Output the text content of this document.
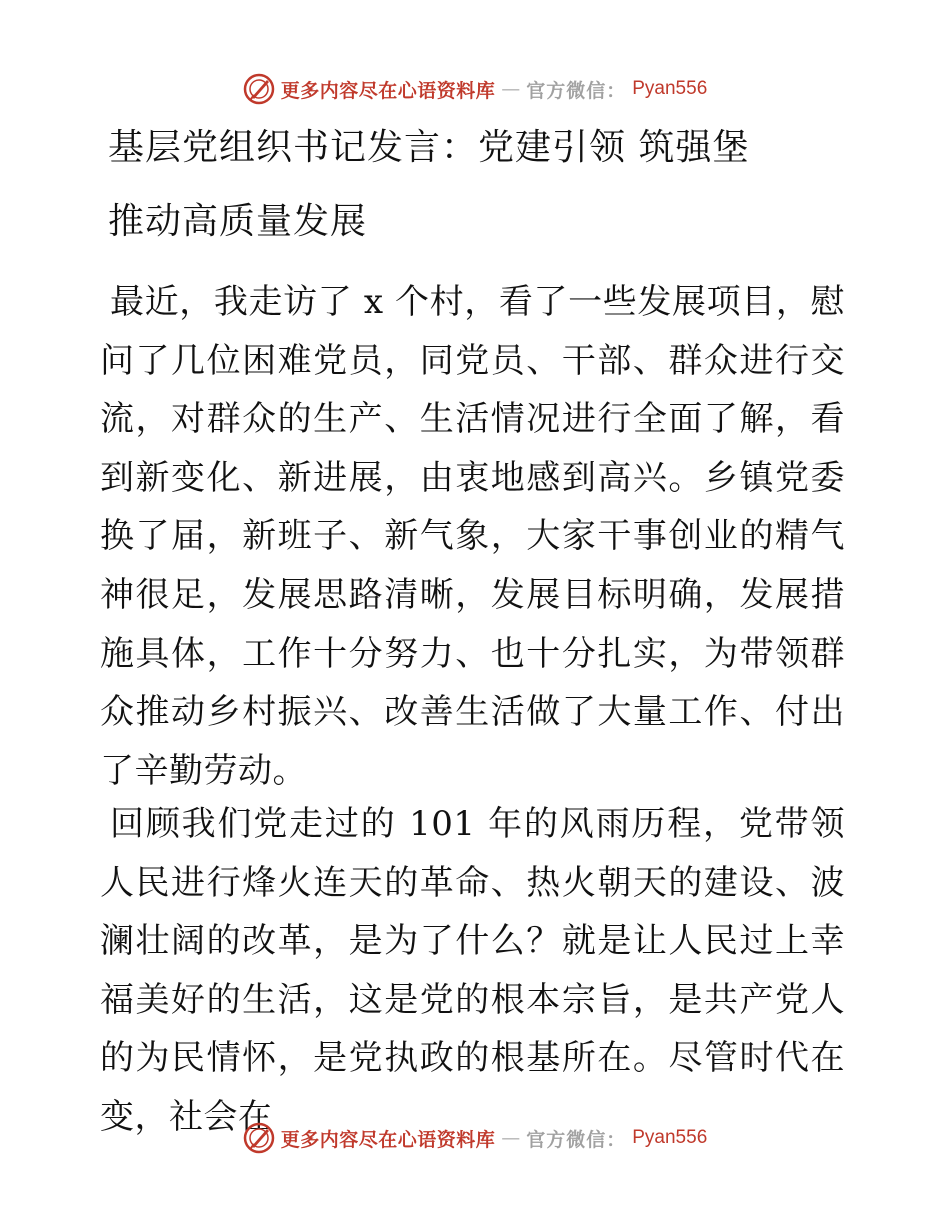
更多内容尽在心语资料库 — 官方微信： Pyan556
基层党组织书记发言：党建引领 筑强堡
推动高质量发展

最近，我走访了 x 个村，看了一些发展项目，慰问了几位困难党员，同党员、干部、群众进行交流，对群众的生产、生活情况进行全面了解，看到新变化、新进展，由衷地感到高兴。乡镇党委换了届，新班子、新气象，大家干事创业的精气神很足，发展思路清晰，发展目标明确，发展措施具体，工作十分努力、也十分扎实，为带领群众推动乡村振兴、改善生活做了大量工作、付出了辛勤劳动。

回顾我们党走过的 101 年的风雨历程，党带领人民进行烽火连天的革命、热火朝天的建设、波澜壮阔的改革，是为了什么？就是让人民过上幸福美好的生活，这是党的根本宗旨，是共产党人的为民情怀，是党执政的根基所在。尽管时代在变，社会在

更多内容尽在心语资料库 — 官方微信： Pyan556
